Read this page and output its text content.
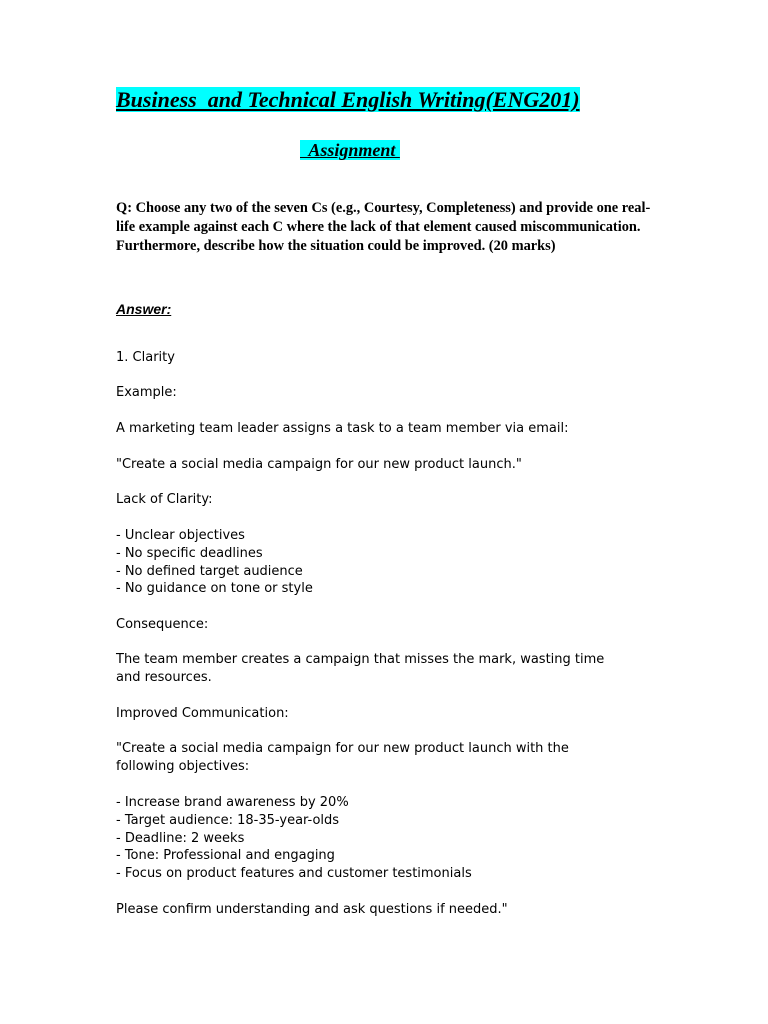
Business  and Technical English Writing(ENG201)
Assignment
Q: Choose any two of the seven Cs (e.g., Courtesy, Completeness) and provide one real-life example against each C where the lack of that element caused miscommunication. Furthermore, describe how the situation could be improved. (20 marks)
Answer:
1. Clarity
Example:
A marketing team leader assigns a task to a team member via email:
"Create a social media campaign for our new product launch."
Lack of Clarity:
- Unclear objectives
- No specific deadlines
- No defined target audience
- No guidance on tone or style
Consequence:
The team member creates a campaign that misses the mark, wasting time and resources.
Improved Communication:
"Create a social media campaign for our new product launch with the following objectives:
- Increase brand awareness by 20%
- Target audience: 18-35-year-olds
- Deadline: 2 weeks
- Tone: Professional and engaging
- Focus on product features and customer testimonials
Please confirm understanding and ask questions if needed."
